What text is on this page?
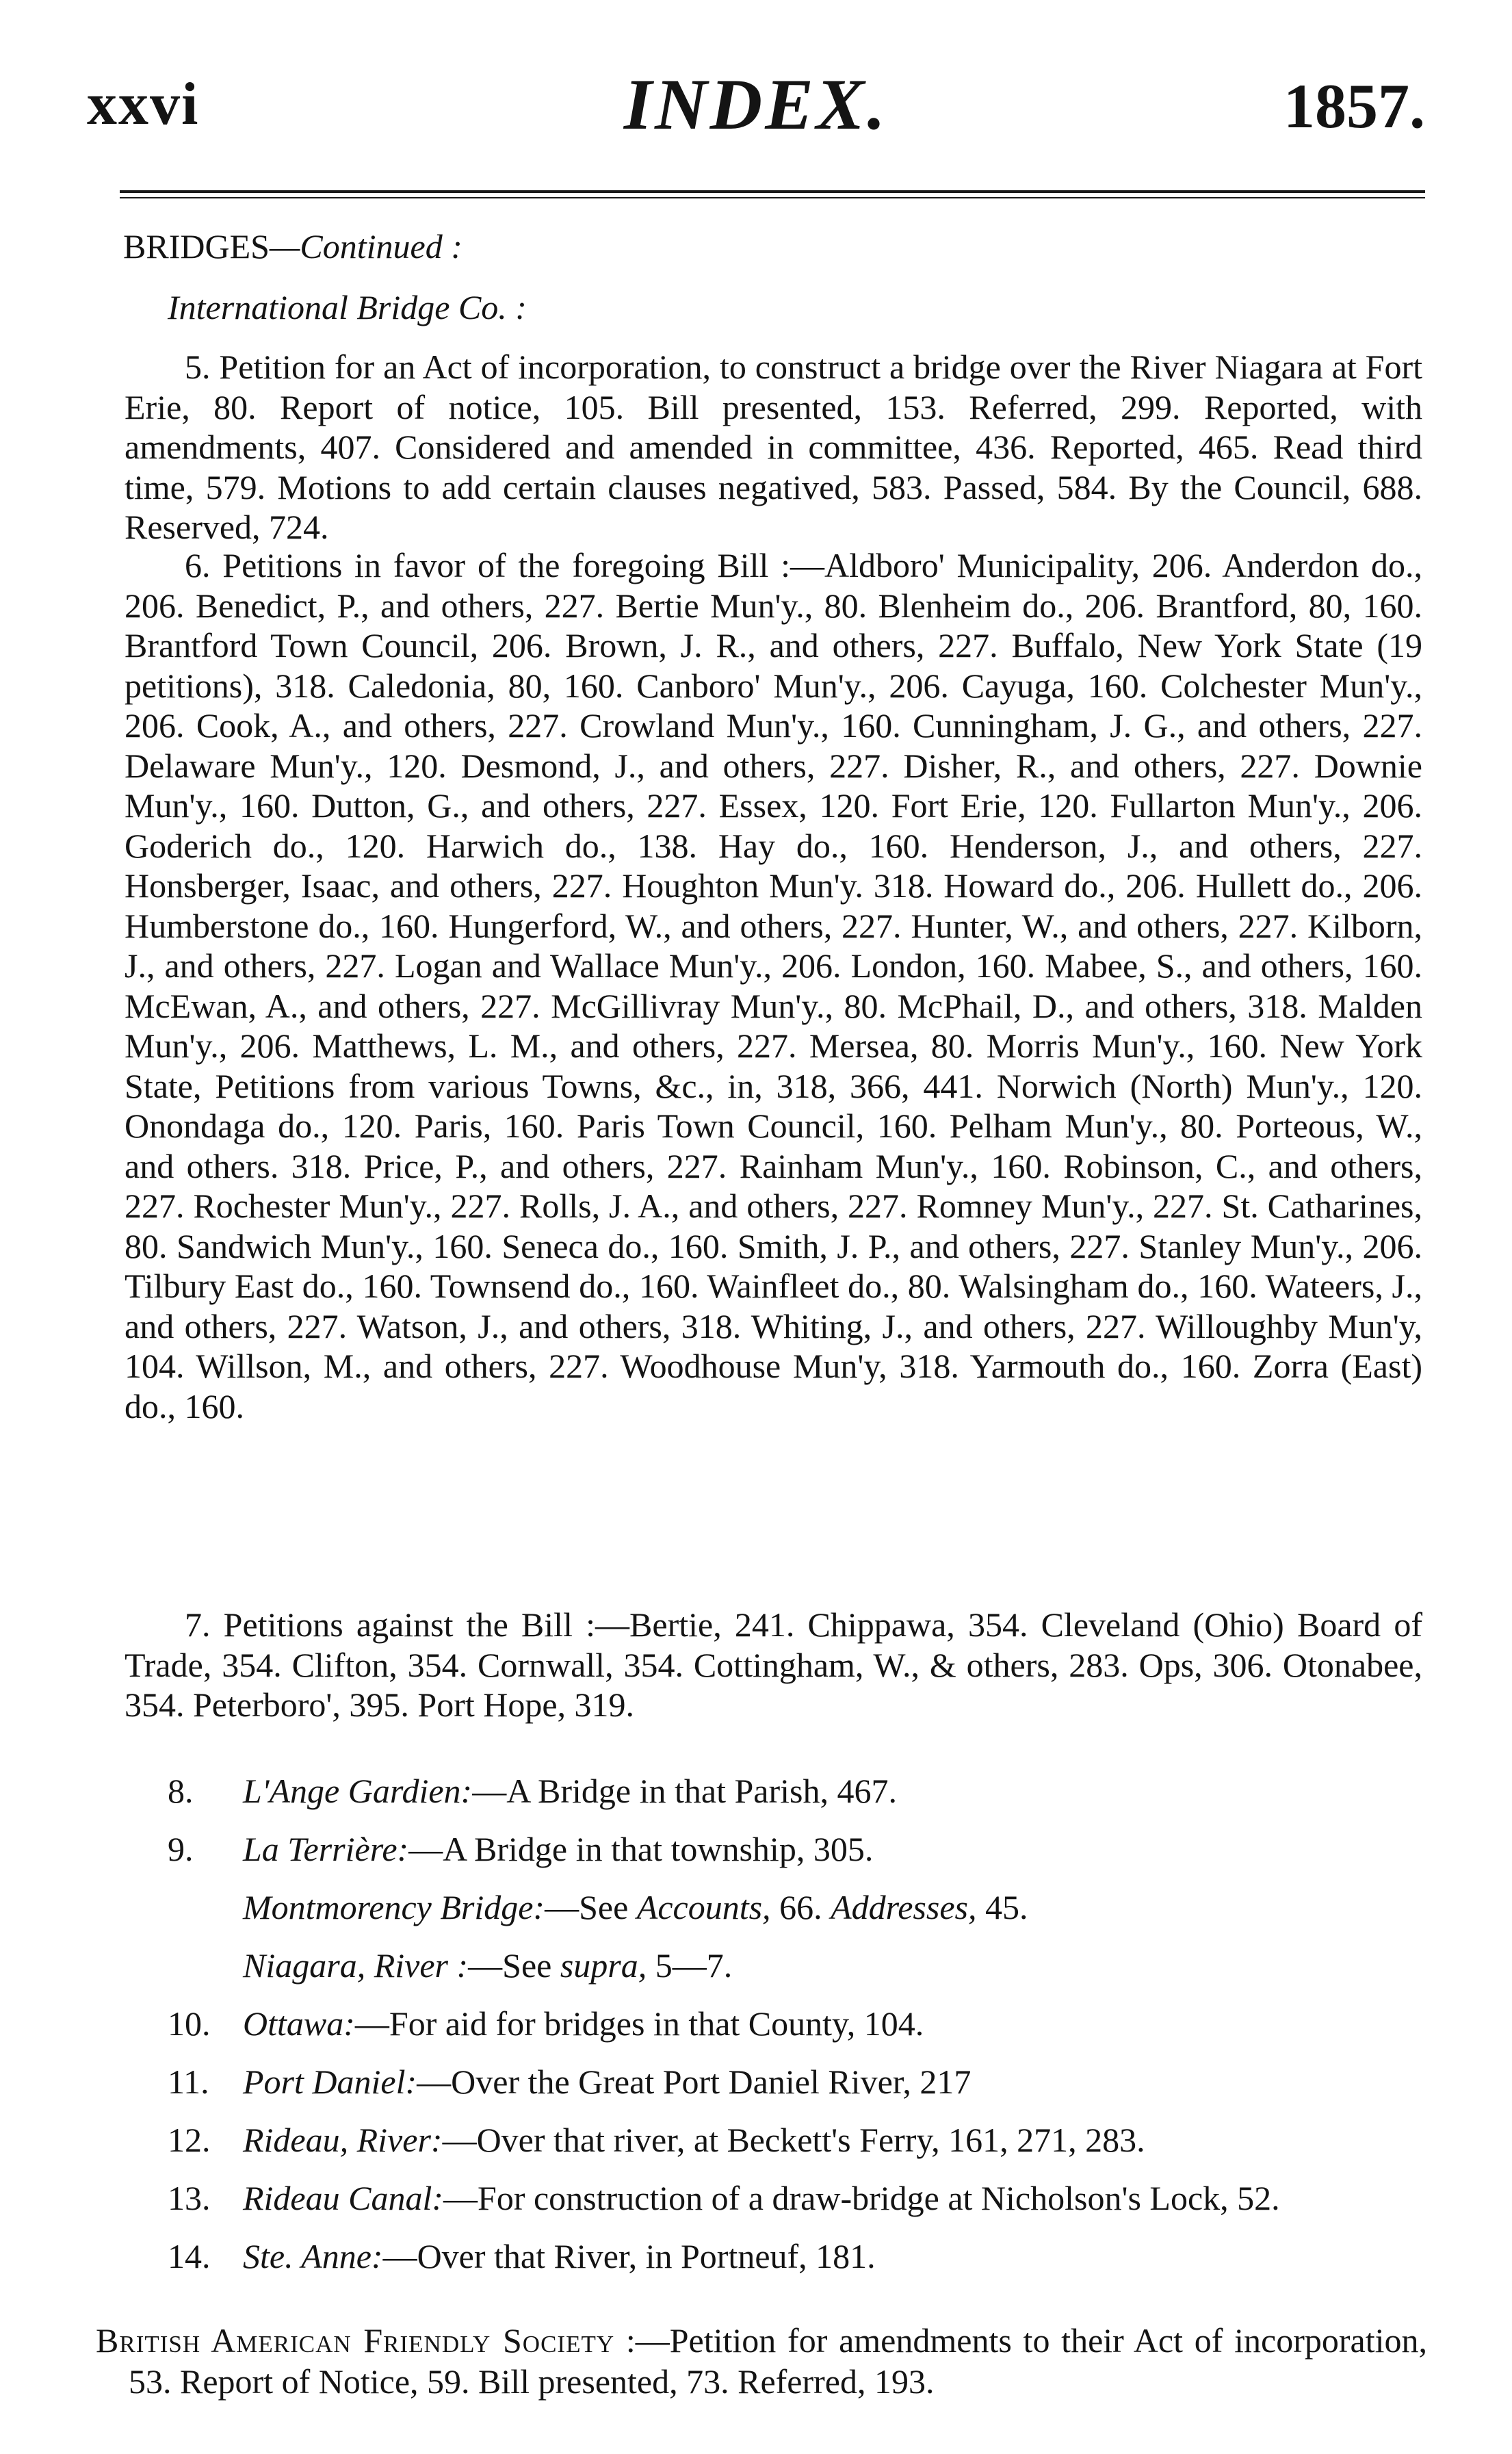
xxvi	INDEX.	1857.

BRIDGES—Continued :

International Bridge Co. :

5. Petition for an Act of incorporation, to construct a bridge over the River Niagara at Fort Erie, 80. Report of notice, 105. Bill presented, 153. Referred, 299. Reported, with amendments, 407. Considered and amended in committee, 436. Reported, 465. Read third time, 579. Motions to add certain clauses negatived, 583. Passed, 584. By the Council, 688. Reserved, 724.

6. Petitions in favor of the foregoing Bill :—Aldboro' Municipality, 206. Anderdon do., 206. Benedict, P., and others, 227. Bertie Mun'y., 80. Blenheim do., 206. Brantford, 80, 160. Brantford Town Council, 206. Brown, J. R., and others, 227. Buffalo, New York State (19 petitions), 318. Caledonia, 80, 160. Canboro' Mun'y., 206. Cayuga, 160. Colchester Mun'y., 206. Cook, A., and others, 227. Crowland Mun'y., 160. Cunningham, J. G., and others, 227. Delaware Mun'y., 120. Desmond, J., and others, 227. Disher, R., and others, 227. Downie Mun'y., 160. Dutton, G., and others, 227. Essex, 120. Fort Erie, 120. Fullarton Mun'y., 206. Goderich do., 120. Harwich do., 138. Hay do., 160. Henderson, J., and others, 227. Honsberger, Isaac, and others, 227. Houghton Mun'y. 318. Howard do., 206. Hullett do., 206. Humberstone do., 160. Hungerford, W., and others, 227. Hunter, W., and others, 227. Kilborn, J., and others, 227. Logan and Wallace Mun'y., 206. London, 160. Mabee, S., and others, 160. McEwan, A., and others, 227. McGillivray Mun'y., 80. McPhail, D., and others, 318. Malden Mun'y., 206. Matthews, L. M., and others, 227. Mersea, 80. Morris Mun'y., 160. New York State, Petitions from various Towns, &c., in, 318, 366, 441. Norwich (North) Mun'y., 120. Onondaga do., 120. Paris, 160. Paris Town Council, 160. Pelham Mun'y., 80. Porteous, W., and others. 318. Price, P., and others, 227. Rainham Mun'y., 160. Robinson, C., and others, 227. Rochester Mun'y., 227. Rolls, J. A., and others, 227. Romney Mun'y., 227. St. Catharines, 80. Sandwich Mun'y., 160. Seneca do., 160. Smith, J. P., and others, 227. Stanley Mun'y., 206. Tilbury East do., 160. Townsend do., 160. Wainfleet do., 80. Walsingham do., 160. Wateers, J., and others, 227. Watson, J., and others, 318. Whiting, J., and others, 227. Willoughby Mun'y, 104. Willson, M., and others, 227. Woodhouse Mun'y, 318. Yarmouth do., 160. Zorra (East) do., 160.

7. Petitions against the Bill :—Bertie, 241. Chippawa, 354. Cleveland (Ohio) Board of Trade, 354. Clifton, 354. Cornwall, 354. Cottingham, W., & others, 283. Ops, 306. Otonabee, 354. Peterboro', 395. Port Hope, 319.

8.	L'Ange Gardien:—A Bridge in that Parish, 467.
9.	La Terrière:—A Bridge in that township, 305.
Montmorency Bridge:—See Accounts, 66. Addresses, 45.
Niagara, River :—See supra, 5—7.
10. Ottawa:—For aid for bridges in that County, 104.
11. Port Daniel:—Over the Great Port Daniel River, 217
12. Rideau, River:—Over that river, at Beckett's Ferry, 161, 271, 283.
13. Rideau Canal:—For construction of a draw-bridge at Nicholson's Lock, 52.
14. Ste. Anne:—Over that River, in Portneuf, 181.

British American Friendly Society :—Petition for amendments to their Act of incorporation, 53. Report of Notice, 59. Bill presented, 73. Referred, 193.
